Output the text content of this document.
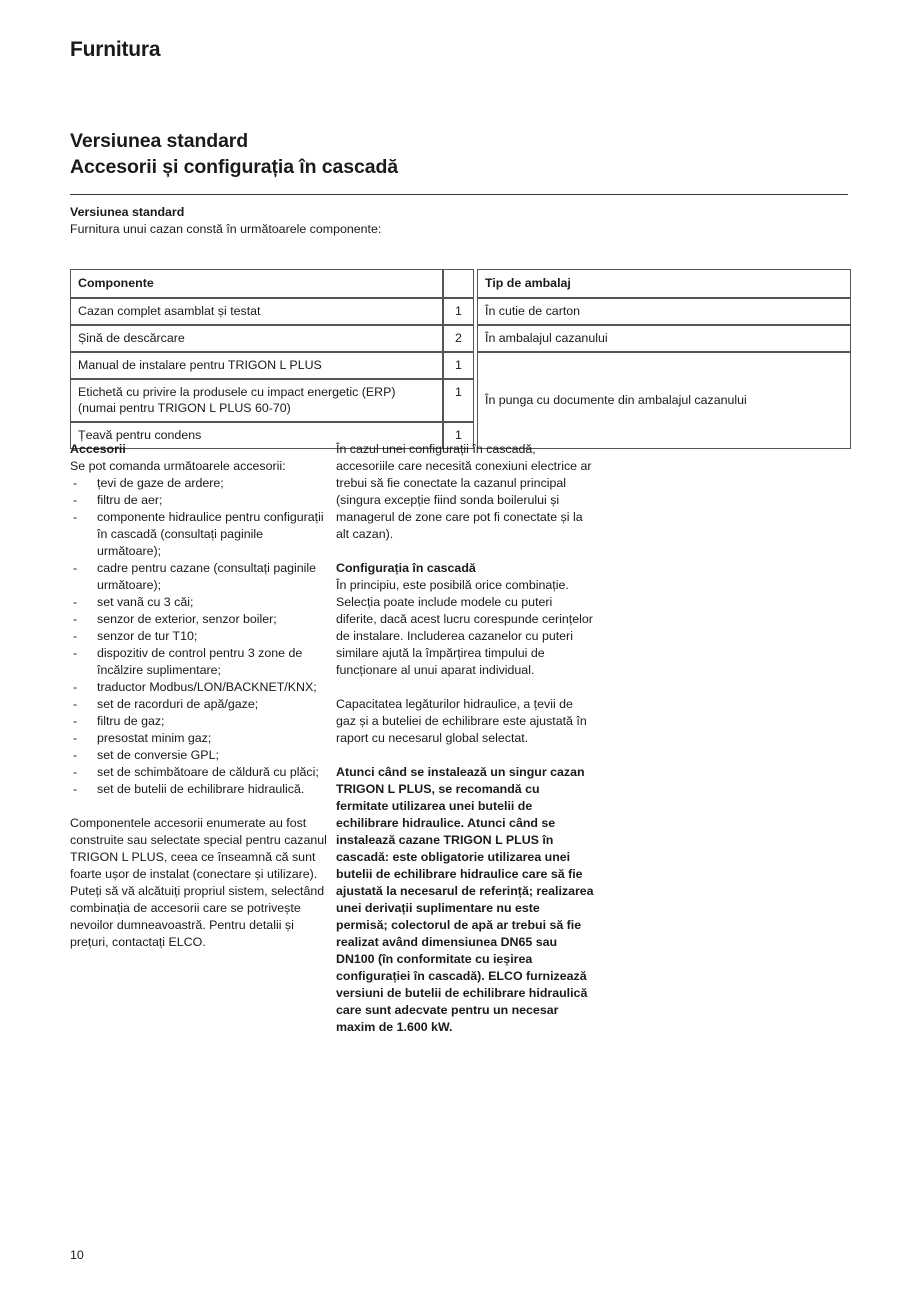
Furnitura
Versiunea standard
Accesorii și configurația în cascadă
Versiunea standard
Furnitura unui cazan constă în următoarele componente:
Componente			Tip de ambalaj
Cazan complet asamblat și testat	1		În cutie de carton
Șină de descărcare	2		În ambalajul cazanului
Manual de instalare pentru TRIGON L PLUS	1		În punga cu documente din ambalajul cazanului
Etichetă cu privire la produsele cu impact energetic (ERP) (numai pentru TRIGON L PLUS 60-70)	1		
Țeavă pentru condens	1		
Accesorii

Se pot comanda următoarele accesorii:

- țevi de gaze de ardere;
- filtru de aer;
- componente hidraulice pentru configurații în cascadă (consultați paginile următoare);
- cadre pentru cazane (consultați paginile următoare);
- set vanã cu 3 căi;
- senzor de exterior, senzor boiler;
- senzor de tur T10;
- dispozitiv de control pentru 3 zone de încălzire suplimentare;
- traductor Modbus/LON/BACKNET/KNX;
- set de racorduri de apă/gaze;
- filtru de gaz;
- presostat minim gaz;
- set de conversie GPL;
- set de schimbătoare de căldură cu plăci;
- set de butelii de echilibrare hidraulică.

Componentele accesorii enumerate au fost construite sau selectate special pentru cazanul TRIGON L PLUS, ceea ce înseamnă că sunt foarte ușor de instalat (conectare și utilizare). Puteți să vă alcătuiți propriul sistem, selectând combinația de accesorii care se potrivește nevoilor dumneavoastră. Pentru detalii și prețuri, contactați ELCO.

În cazul unei configurații în cascadă, accesoriile care necesită conexiuni electrice ar trebui să fie conectate la cazanul principal (singura excepție fiind sonda boilerului și managerul de zone care pot fi conectate și la alt cazan).

Configurația în cascadă
În principiu, este posibilă orice combinație. Selecția poate include modele cu puteri diferite, dacă acest lucru corespunde cerințelor de instalare. Includerea cazanelor cu puteri similare ajută la împărțirea timpului de funcționare al unui aparat individual.

Capacitatea legăturilor hidraulice, a țevii de gaz și a buteliei de echilibrare este ajustată în raport cu necesarul global selectat.

Atunci când se instalează un singur cazan TRIGON L PLUS, se recomandă cu fermitate utilizarea unei butelii de echilibrare hidraulice. Atunci când se instalează cazane TRIGON L PLUS în cascadă: este obligatorie utilizarea unei butelii de echilibrare hidraulice care să fie ajustată la necesarul de referință; realizarea unei derivații suplimentare nu este permisă; colectorul de apă ar trebui să fie realizat având dimensiunea DN65 sau DN100 (în conformitate cu ieșirea configurației în cascadă). ELCO furnizează versiuni de butelii de echilibrare hidraulică care sunt adecvate pentru un necesar maxim de 1.600 kW.

10
